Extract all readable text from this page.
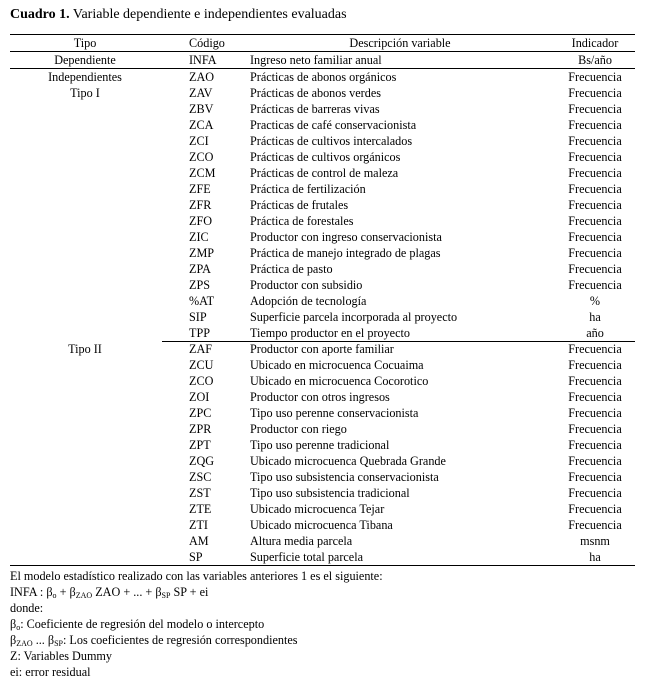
Cuadro 1. Variable dependiente e independientes evaluadas
Tipo	Código	Descripción variable	Indicador
Dependiente	INFA	Ingreso neto familiar anual	Bs/año
Independientes	ZAO	Prácticas de abonos orgánicos	Frecuencia
Tipo I	ZAV	Prácticas de abonos verdes	Frecuencia
ZBV	Prácticas de barreras vivas	Frecuencia
ZCA	Practicas de café conservacionista	Frecuencia
ZCI	Prácticas de cultivos intercalados	Frecuencia
ZCO	Prácticas de cultivos orgánicos	Frecuencia
ZCM	Prácticas de control de maleza	Frecuencia
ZFE	Práctica de fertilización	Frecuencia
ZFR	Prácticas de frutales	Frecuencia
ZFO	Práctica de forestales	Frecuencia
ZIC	Productor con ingreso conservacionista	Frecuencia
ZMP	Práctica de manejo integrado de plagas	Frecuencia
ZPA	Práctica de pasto	Frecuencia
ZPS	Productor con subsidio	Frecuencia
%AT	Adopción de tecnología	%
SIP	Superficie parcela incorporada al proyecto	ha
TPP	Tiempo productor en el proyecto	año
Tipo II	ZAF	Productor con aporte familiar	Frecuencia
ZCU	Ubicado en microcuenca Cocuaima	Frecuencia
ZCO	Ubicado en microcuenca Cocorotico	Frecuencia
ZOI	Productor con otros ingresos	Frecuencia
ZPC	Tipo uso perenne conservacionista	Frecuencia
ZPR	Productor con riego	Frecuencia
ZPT	Tipo uso perenne tradicional	Frecuencia
ZQG	Ubicado microcuenca Quebrada Grande	Frecuencia
ZSC	Tipo uso subsistencia conservacionista	Frecuencia
ZST	Tipo uso subsistencia tradicional	Frecuencia
ZTE	Ubicado microcuenca Tejar	Frecuencia
ZTI	Ubicado microcuenca Tibana	Frecuencia
AM	Altura media parcela	msnm
SP	Superficie total parcela	ha
El modelo estadístico realizado con las variables anteriores 1 es el siguiente:
INFA : $\beta_o + \beta_{ZAO}$ ZAO + ... + $\beta_{SP}$ SP + ei
donde:
$\beta_o$: Coeficiente de regresión del modelo o intercepto
$\beta_{ZAO}$ ... $\beta_{SP}$: Los coeficientes de regresión correspondientes
Z: Variables Dummy
ei: error residual
